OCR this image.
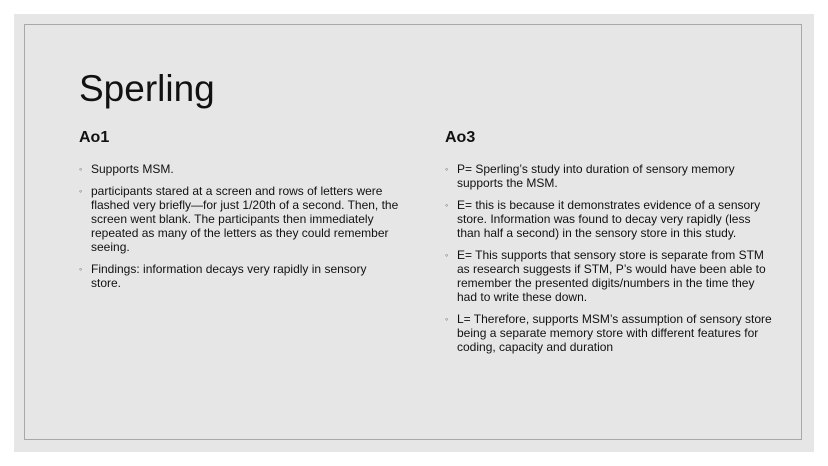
Sperling
Ao1
◦ Supports MSM.
◦ participants stared at a screen and rows of letters were flashed very briefly—for just 1/20th of a second. Then, the screen went blank. The participants then immediately repeated as many of the letters as they could remember seeing.
◦ Findings: information decays very rapidly in sensory store.
Ao3
◦ P= Sperling’s study into duration of sensory memory supports the MSM.
◦ E= this is because it demonstrates evidence of a sensory store. Information was found to decay very rapidly (less than half a second) in the sensory store in this study.
◦ E= This supports that sensory store is separate from STM as research suggests if STM, P’s would have been able to remember the presented digits/numbers in the time they had to write these down.
◦ L= Therefore, supports MSM’s assumption of sensory store being a separate memory store with different features for coding, capacity and duration
